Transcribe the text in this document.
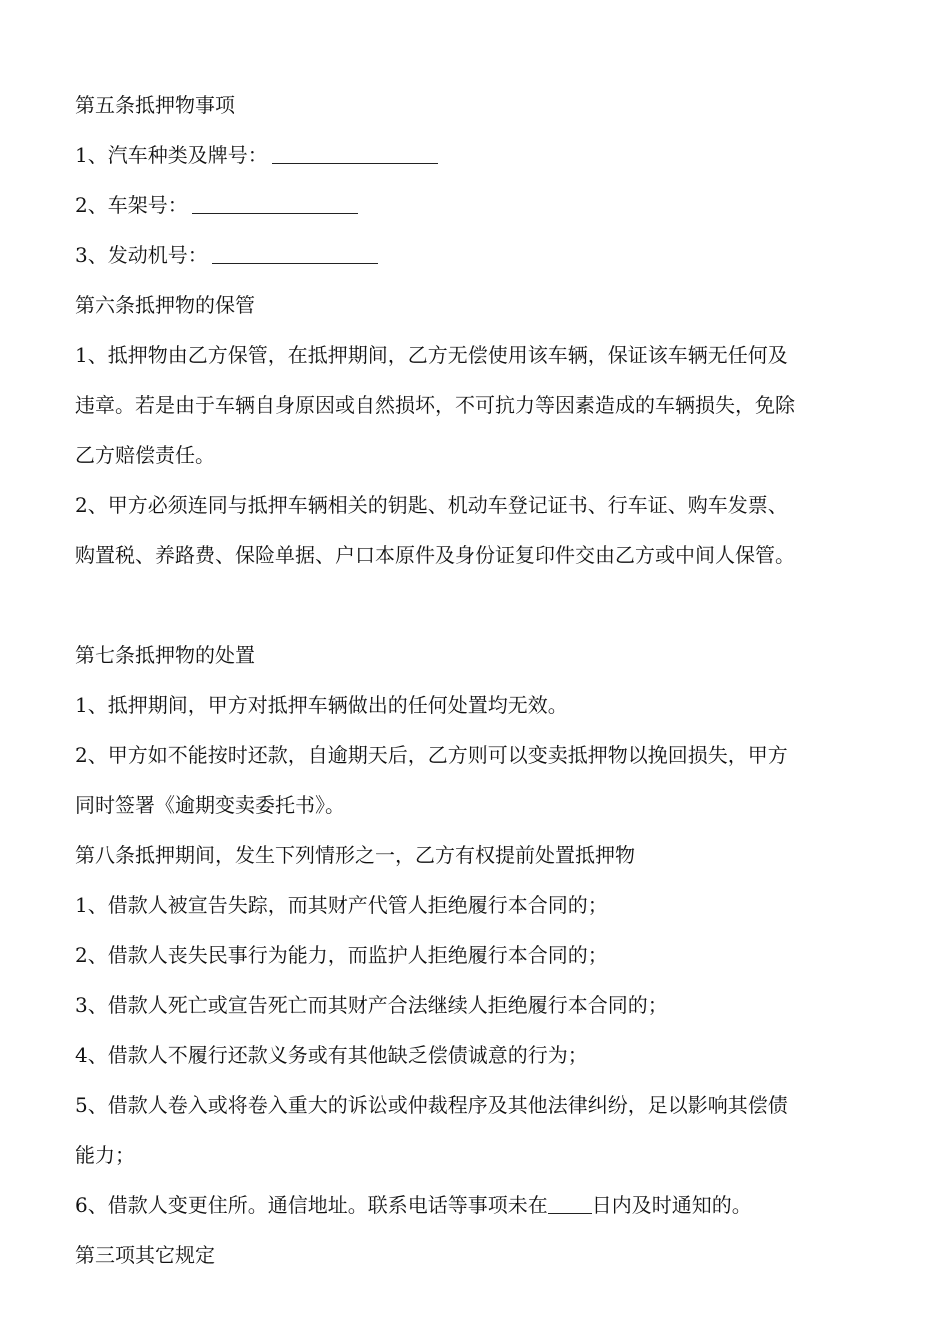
第五条抵押物事项
1、汽车种类及牌号：
2、车架号：
3、发动机号：
第六条抵押物的保管
1、抵押物由乙方保管，在抵押期间，乙方无偿使用该车辆，保证该车辆无任何及
违章。若是由于车辆自身原因或自然损坏，不可抗力等因素造成的车辆损失，免除
乙方赔偿责任。
2、甲方必须连同与抵押车辆相关的钥匙、机动车登记证书、行车证、购车发票、
购置税、养路费、保险单据、户口本原件及身份证复印件交由乙方或中间人保管。
第七条抵押物的处置
1、抵押期间，甲方对抵押车辆做出的任何处置均无效。
2、甲方如不能按时还款，自逾期天后，乙方则可以变卖抵押物以挽回损失，甲方
同时签署《逾期变卖委托书》。
第八条抵押期间，发生下列情形之一，乙方有权提前处置抵押物
1、借款人被宣告失踪，而其财产代管人拒绝履行本合同的；
2、借款人丧失民事行为能力，而监护人拒绝履行本合同的；
3、借款人死亡或宣告死亡而其财产合法继续人拒绝履行本合同的；
4、借款人不履行还款义务或有其他缺乏偿债诚意的行为；
5、借款人卷入或将卷入重大的诉讼或仲裁程序及其他法律纠纷，足以影响其偿债
能力；
6、借款人变更住所。通信地址。联系电话等事项未在 日内及时通知的。
第三项其它规定
